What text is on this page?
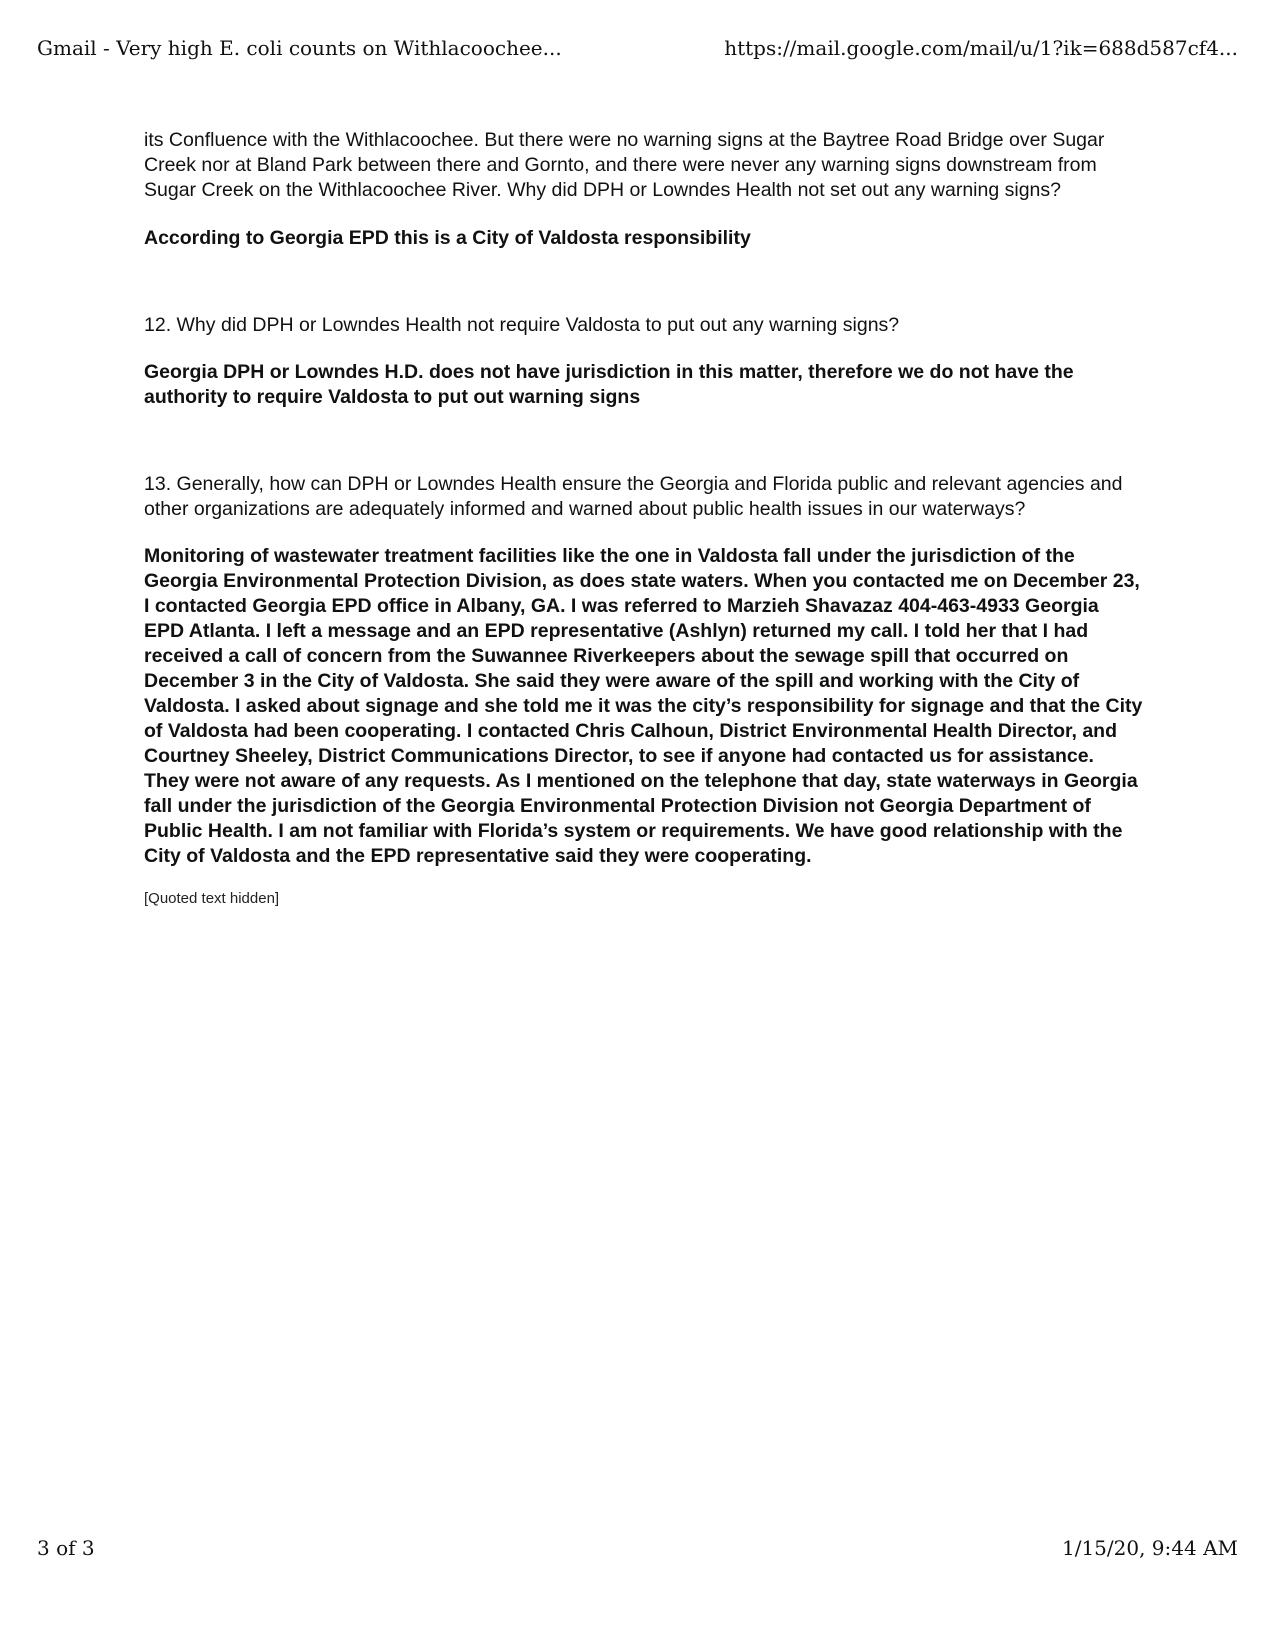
Gmail - Very high E. coli counts on Withlacoochee...	https://mail.google.com/mail/u/1?ik=688d587cf4...

its Confluence with the Withlacoochee. But there were no warning signs at the Baytree Road Bridge over Sugar Creek nor at Bland Park between there and Gornto, and there were never any warning signs downstream from Sugar Creek on the Withlacoochee River. Why did DPH or Lowndes Health not set out any warning signs?

According to Georgia EPD this is a City of Valdosta responsibility

12. Why did DPH or Lowndes Health not require Valdosta to put out any warning signs?

Georgia DPH or Lowndes H.D. does not have jurisdiction in this matter, therefore we do not have the authority to require Valdosta to put out warning signs

13. Generally, how can DPH or Lowndes Health ensure the Georgia and Florida public and relevant agencies and other organizations are adequately informed and warned about public health issues in our waterways?

Monitoring of wastewater treatment facilities like the one in Valdosta fall under the jurisdiction of the Georgia Environmental Protection Division, as does state waters. When you contacted me on December 23, I contacted Georgia EPD office in Albany, GA. I was referred to Marzieh Shavazaz 404-463-4933 Georgia EPD Atlanta. I left a message and an EPD representative (Ashlyn) returned my call. I told her that I had received a call of concern from the Suwannee Riverkeepers about the sewage spill that occurred on December 3 in the City of Valdosta. She said they were aware of the spill and working with the City of Valdosta. I asked about signage and she told me it was the city’s responsibility for signage and that the City of Valdosta had been cooperating. I contacted Chris Calhoun, District Environmental Health Director, and Courtney Sheeley, District Communications Director, to see if anyone had contacted us for assistance. They were not aware of any requests. As I mentioned on the telephone that day, state waterways in Georgia fall under the jurisdiction of the Georgia Environmental Protection Division not Georgia Department of Public Health. I am not familiar with Florida’s system or requirements. We have good relationship with the City of Valdosta and the EPD representative said they were cooperating.

[Quoted text hidden]

3 of 3	1/15/20, 9:44 AM
